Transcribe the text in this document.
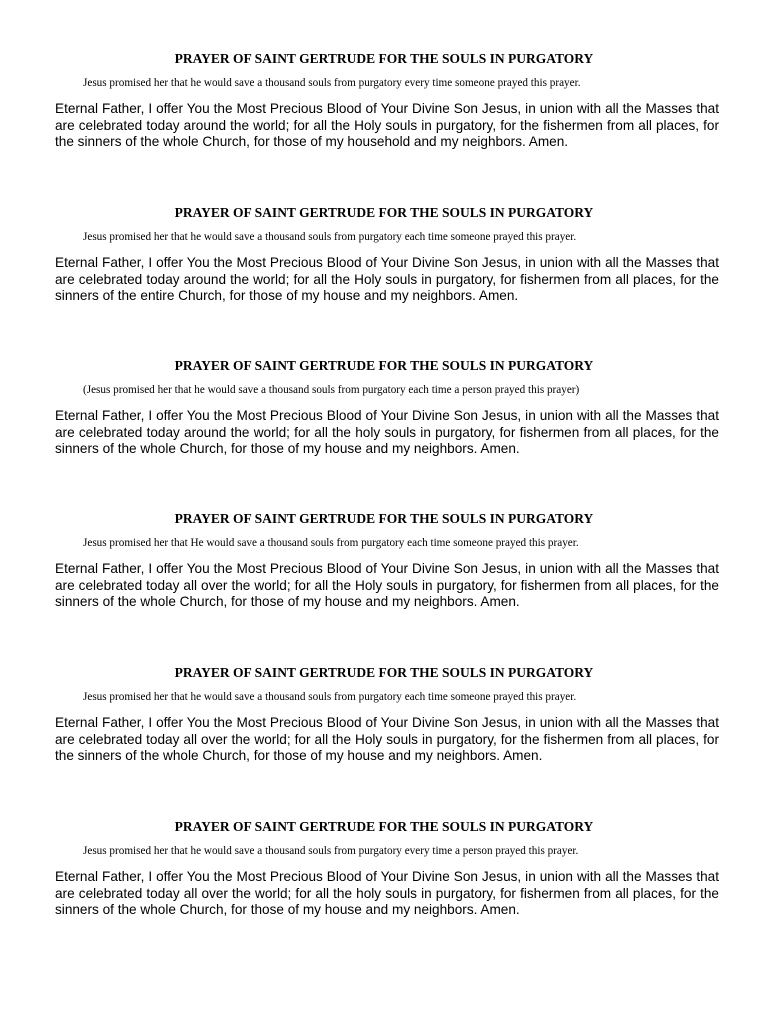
PRAYER OF SAINT GERTRUDE FOR THE SOULS IN PURGATORY
Jesus promised her that he would save a thousand souls from purgatory every time someone prayed this prayer.

Eternal Father, I offer You the Most Precious Blood of Your Divine Son Jesus, in union with all the Masses that are celebrated today around the world; for all the Holy souls in purgatory, for the fishermen from all places, for the sinners of the whole Church, for those of my household and my neighbors. Amen.

PRAYER OF SAINT GERTRUDE FOR THE SOULS IN PURGATORY
Jesus promised her that he would save a thousand souls from purgatory each time someone prayed this prayer.

Eternal Father, I offer You the Most Precious Blood of Your Divine Son Jesus, in union with all the Masses that are celebrated today around the world; for all the Holy souls in purgatory, for fishermen from all places, for the sinners of the entire Church, for those of my house and my neighbors. Amen.

PRAYER OF SAINT GERTRUDE FOR THE SOULS IN PURGATORY
(Jesus promised her that he would save a thousand souls from purgatory each time a person prayed this prayer)

Eternal Father, I offer You the Most Precious Blood of Your Divine Son Jesus, in union with all the Masses that are celebrated today around the world; for all the holy souls in purgatory, for fishermen from all places, for the sinners of the whole Church, for those of my house and my neighbors. Amen.

PRAYER OF SAINT GERTRUDE FOR THE SOULS IN PURGATORY
Jesus promised her that He would save a thousand souls from purgatory each time someone prayed this prayer.

Eternal Father, I offer You the Most Precious Blood of Your Divine Son Jesus, in union with all the Masses that are celebrated today all over the world; for all the Holy souls in purgatory, for fishermen from all places, for the sinners of the whole Church, for those of my house and my neighbors. Amen.

PRAYER OF SAINT GERTRUDE FOR THE SOULS IN PURGATORY
Jesus promised her that he would save a thousand souls from purgatory each time someone prayed this prayer.

Eternal Father, I offer You the Most Precious Blood of Your Divine Son Jesus, in union with all the Masses that are celebrated today all over the world; for all the Holy souls in purgatory, for the fishermen from all places, for the sinners of the whole Church, for those of my house and my neighbors. Amen.

PRAYER OF SAINT GERTRUDE FOR THE SOULS IN PURGATORY
Jesus promised her that he would save a thousand souls from purgatory every time a person prayed this prayer.

Eternal Father, I offer You the Most Precious Blood of Your Divine Son Jesus, in union with all the Masses that are celebrated today all over the world; for all the holy souls in purgatory, for fishermen from all places, for the sinners of the whole Church, for those of my house and my neighbors. Amen.
